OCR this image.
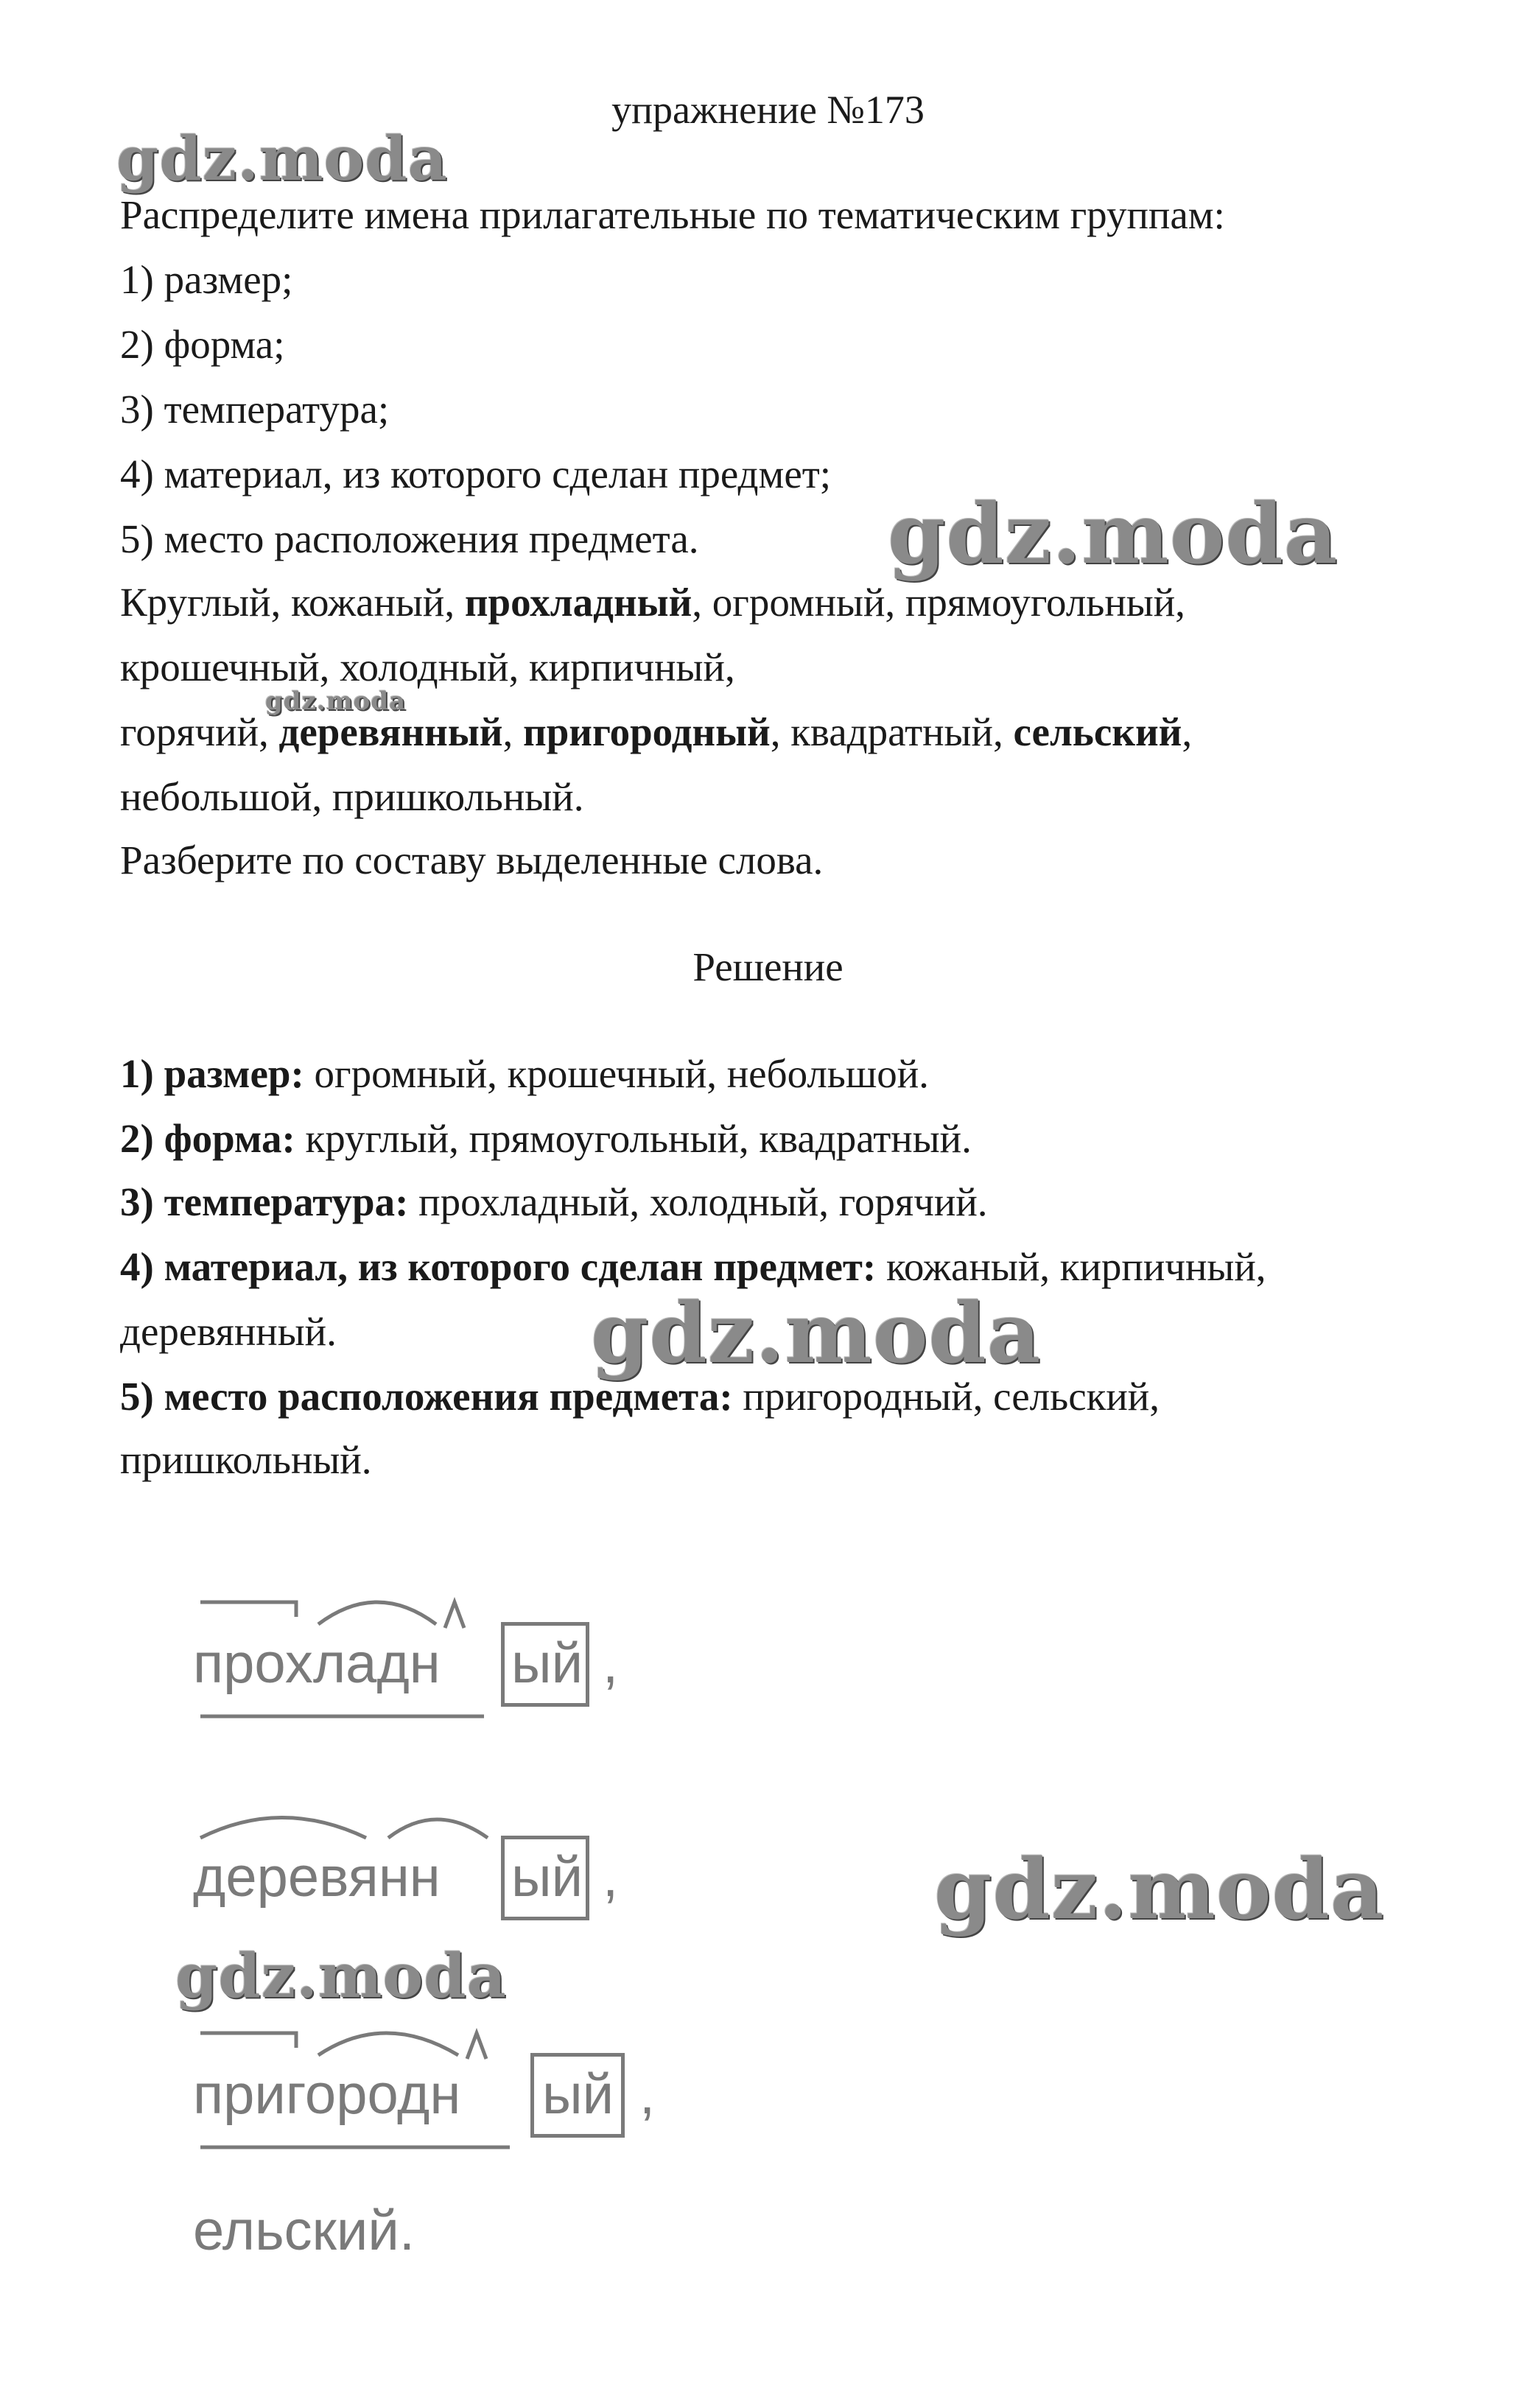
упражнение №173
gdz.moda
Распределите имена прилагательные по тематическим группам:
1) размер;
2) форма;
3) температура;
4) материал, из которого сделан предмет;
5) место расположения предмета. gdz.moda
Круглый, кожаный, прохладный, огромный, прямоугольный,
крошечный, холодный, кирпичный,
gdz.moda
горячий, деревянный, пригородный, квадратный, сельский,
небольшой, пришкольный.
Разберите по составу выделенные слова.
Решение
1) размер: огромный, крошечный, небольшой.
2) форма: круглый, прямоугольный, квадратный.
3) температура: прохладный, холодный, горячий.
4) материал, из которого сделан предмет: кожаный, кирпичный,
деревянный.	gdz.moda
5) место расположения предмета: пригородный, сельский,
пришкольный.
прохладн ый ,
деревянн ый ,
gdz.moda
gdz.moda
пригородн ый ,
ельский.
